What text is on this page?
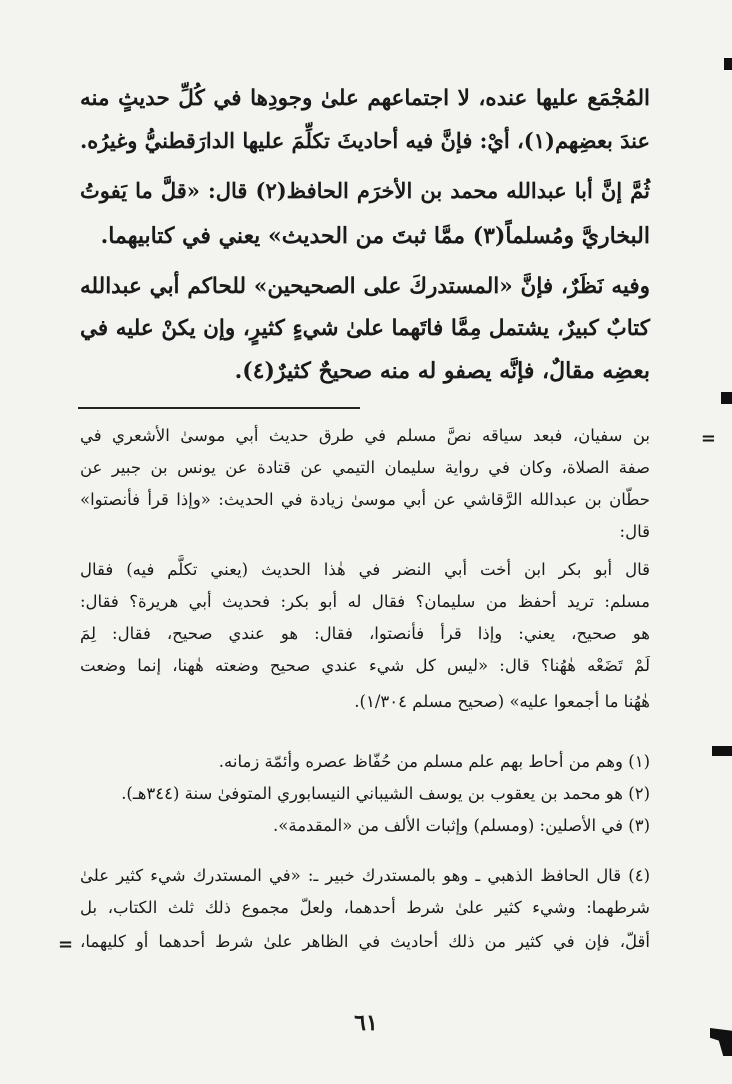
المُجْمَع عليها عنده، لا اجتماعهم علىٰ وجودِها في كُلِّ حديثٍ منه
عندَ بعضِهم(١)، أيْ: فإنَّ فيه أحاديثَ تكلِّمَ عليها الدارَقطنيُّ وغيرُه.
ثُمَّ إنَّ أبا عبدالله محمد بن الأخرَم الحافظ(٢) قال: «قلَّ ما يَفوتُ
البخاريَّ ومُسلماً(٣) ممَّا ثبتَ من الحديث» يعني في كتابيهما.
وفيه نَظَرٌ، فإنَّ «المستدركَ على الصحيحين» للحاكم أبي عبدالله
كتابٌ كبيرٌ، يشتمل مِمَّا فاتَهما علىٰ شيءٍ كثيرٍ، وإن يكنْ عليه في
بعضِه مقالٌ، فإنَّه يصفو له منه صحيحٌ كثيرٌ(٤).
=
بن سفيان، فبعد سياقه نصَّ مسلم في طرق حديث أبي موسىٰ الأشعري في
صفة الصلاة، وكان في رواية سليمان التيمي عن قتادة عن يونس بن جبير عن
حطّان بن عبدالله الرَّقاشي عن أبي موسىٰ زيادة في الحديث: «وإذا قرأ فأنصتوا»
قال:
قال أبو بكر ابن أخت أبي النضر في هٰذا الحديث (يعني تكلَّم فيه) فقال
مسلم: تريد أحفظ من سليمان؟ فقال له أبو بكر: فحديث أبي هريرة؟ فقال:
هو صحيح، يعني: وإذا قرأ فأنصتوا، فقال: هو عندي صحيح، فقال: لِمَ
لَمْ تَضَعْه هٰهُنا؟ قال: «ليس كل شيء عندي صحيح وضعته هٰهنا، إنما وضعت
هٰهُنا ما أجمعوا عليه» (صحيح مسلم ١/٣٠٤).
(١) وهم من أحاط بهم علم مسلم من حُفّاظ عصره وأئمّة زمانه.
(٢) هو محمد بن يعقوب بن يوسف الشيباني النيسابوري المتوفىٰ سنة (٣٤٤هـ).
(٣) في الأصلين: (ومسلم) وإثبات الألف من «المقدمة».
(٤) قال الحافظ الذهبي ـ وهو بالمستدرك خبير ـ: «في المستدرك شيء كثير علىٰ
شرطهما: وشيء كثير علىٰ شرط أحدهما، ولعلّ مجموع ذلك ثلث الكتاب، بل
أقلّ، فإن في كثير من ذلك أحاديث في الظاهر علىٰ شرط أحدهما أو كليهما،
=
٦١
